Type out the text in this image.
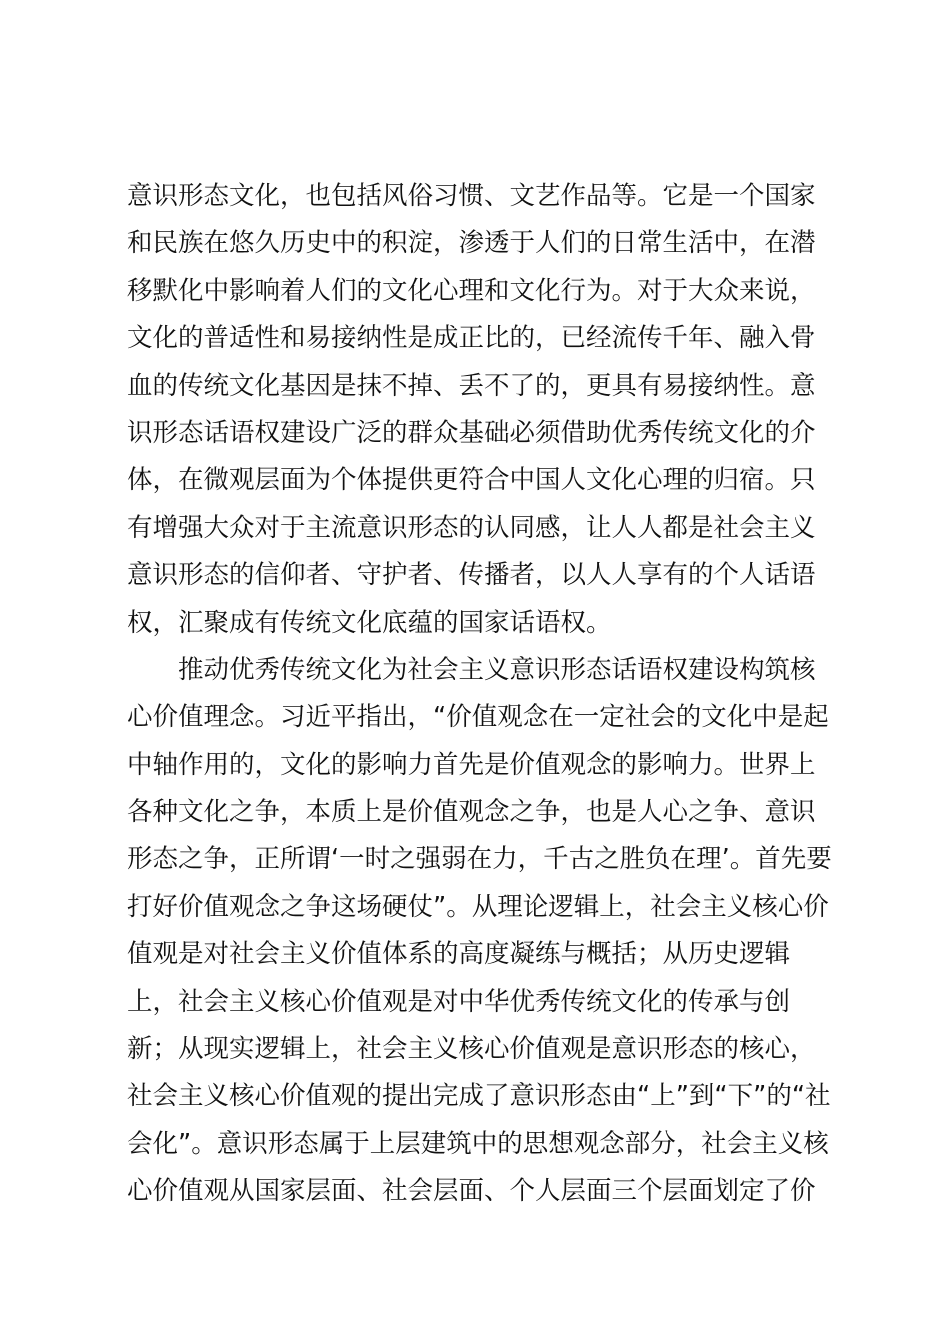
意识形态文化，也包括风俗习惯、文艺作品等。它是一个国家
和民族在悠久历史中的积淀，渗透于人们的日常生活中，在潜
移默化中影响着人们的文化心理和文化行为。对于大众来说，
文化的普适性和易接纳性是成正比的，已经流传千年、融入骨
血的传统文化基因是抹不掉、丢不了的，更具有易接纳性。意
识形态话语权建设广泛的群众基础必须借助优秀传统文化的介
体，在微观层面为个体提供更符合中国人文化心理的归宿。只
有增强大众对于主流意识形态的认同感，让人人都是社会主义
意识形态的信仰者、守护者、传播者，以人人享有的个人话语
权，汇聚成有传统文化底蕴的国家话语权。
推动优秀传统文化为社会主义意识形态话语权建设构筑核
心价值理念。习近平指出，“价值观念在一定社会的文化中是起
中轴作用的，文化的影响力首先是价值观念的影响力。世界上
各种文化之争，本质上是价值观念之争，也是人心之争、意识
形态之争，正所谓‘一时之强弱在力，千古之胜负在理’。首先要
打好价值观念之争这场硬仗”。从理论逻辑上，社会主义核心价
值观是对社会主义价值体系的高度凝练与概括；从历史逻辑
上，社会主义核心价值观是对中华优秀传统文化的传承与创
新；从现实逻辑上，社会主义核心价值观是意识形态的核心，
社会主义核心价值观的提出完成了意识形态由“上”到“下”的“社
会化”。意识形态属于上层建筑中的思想观念部分，社会主义核
心价值观从国家层面、社会层面、个人层面三个层面划定了价
